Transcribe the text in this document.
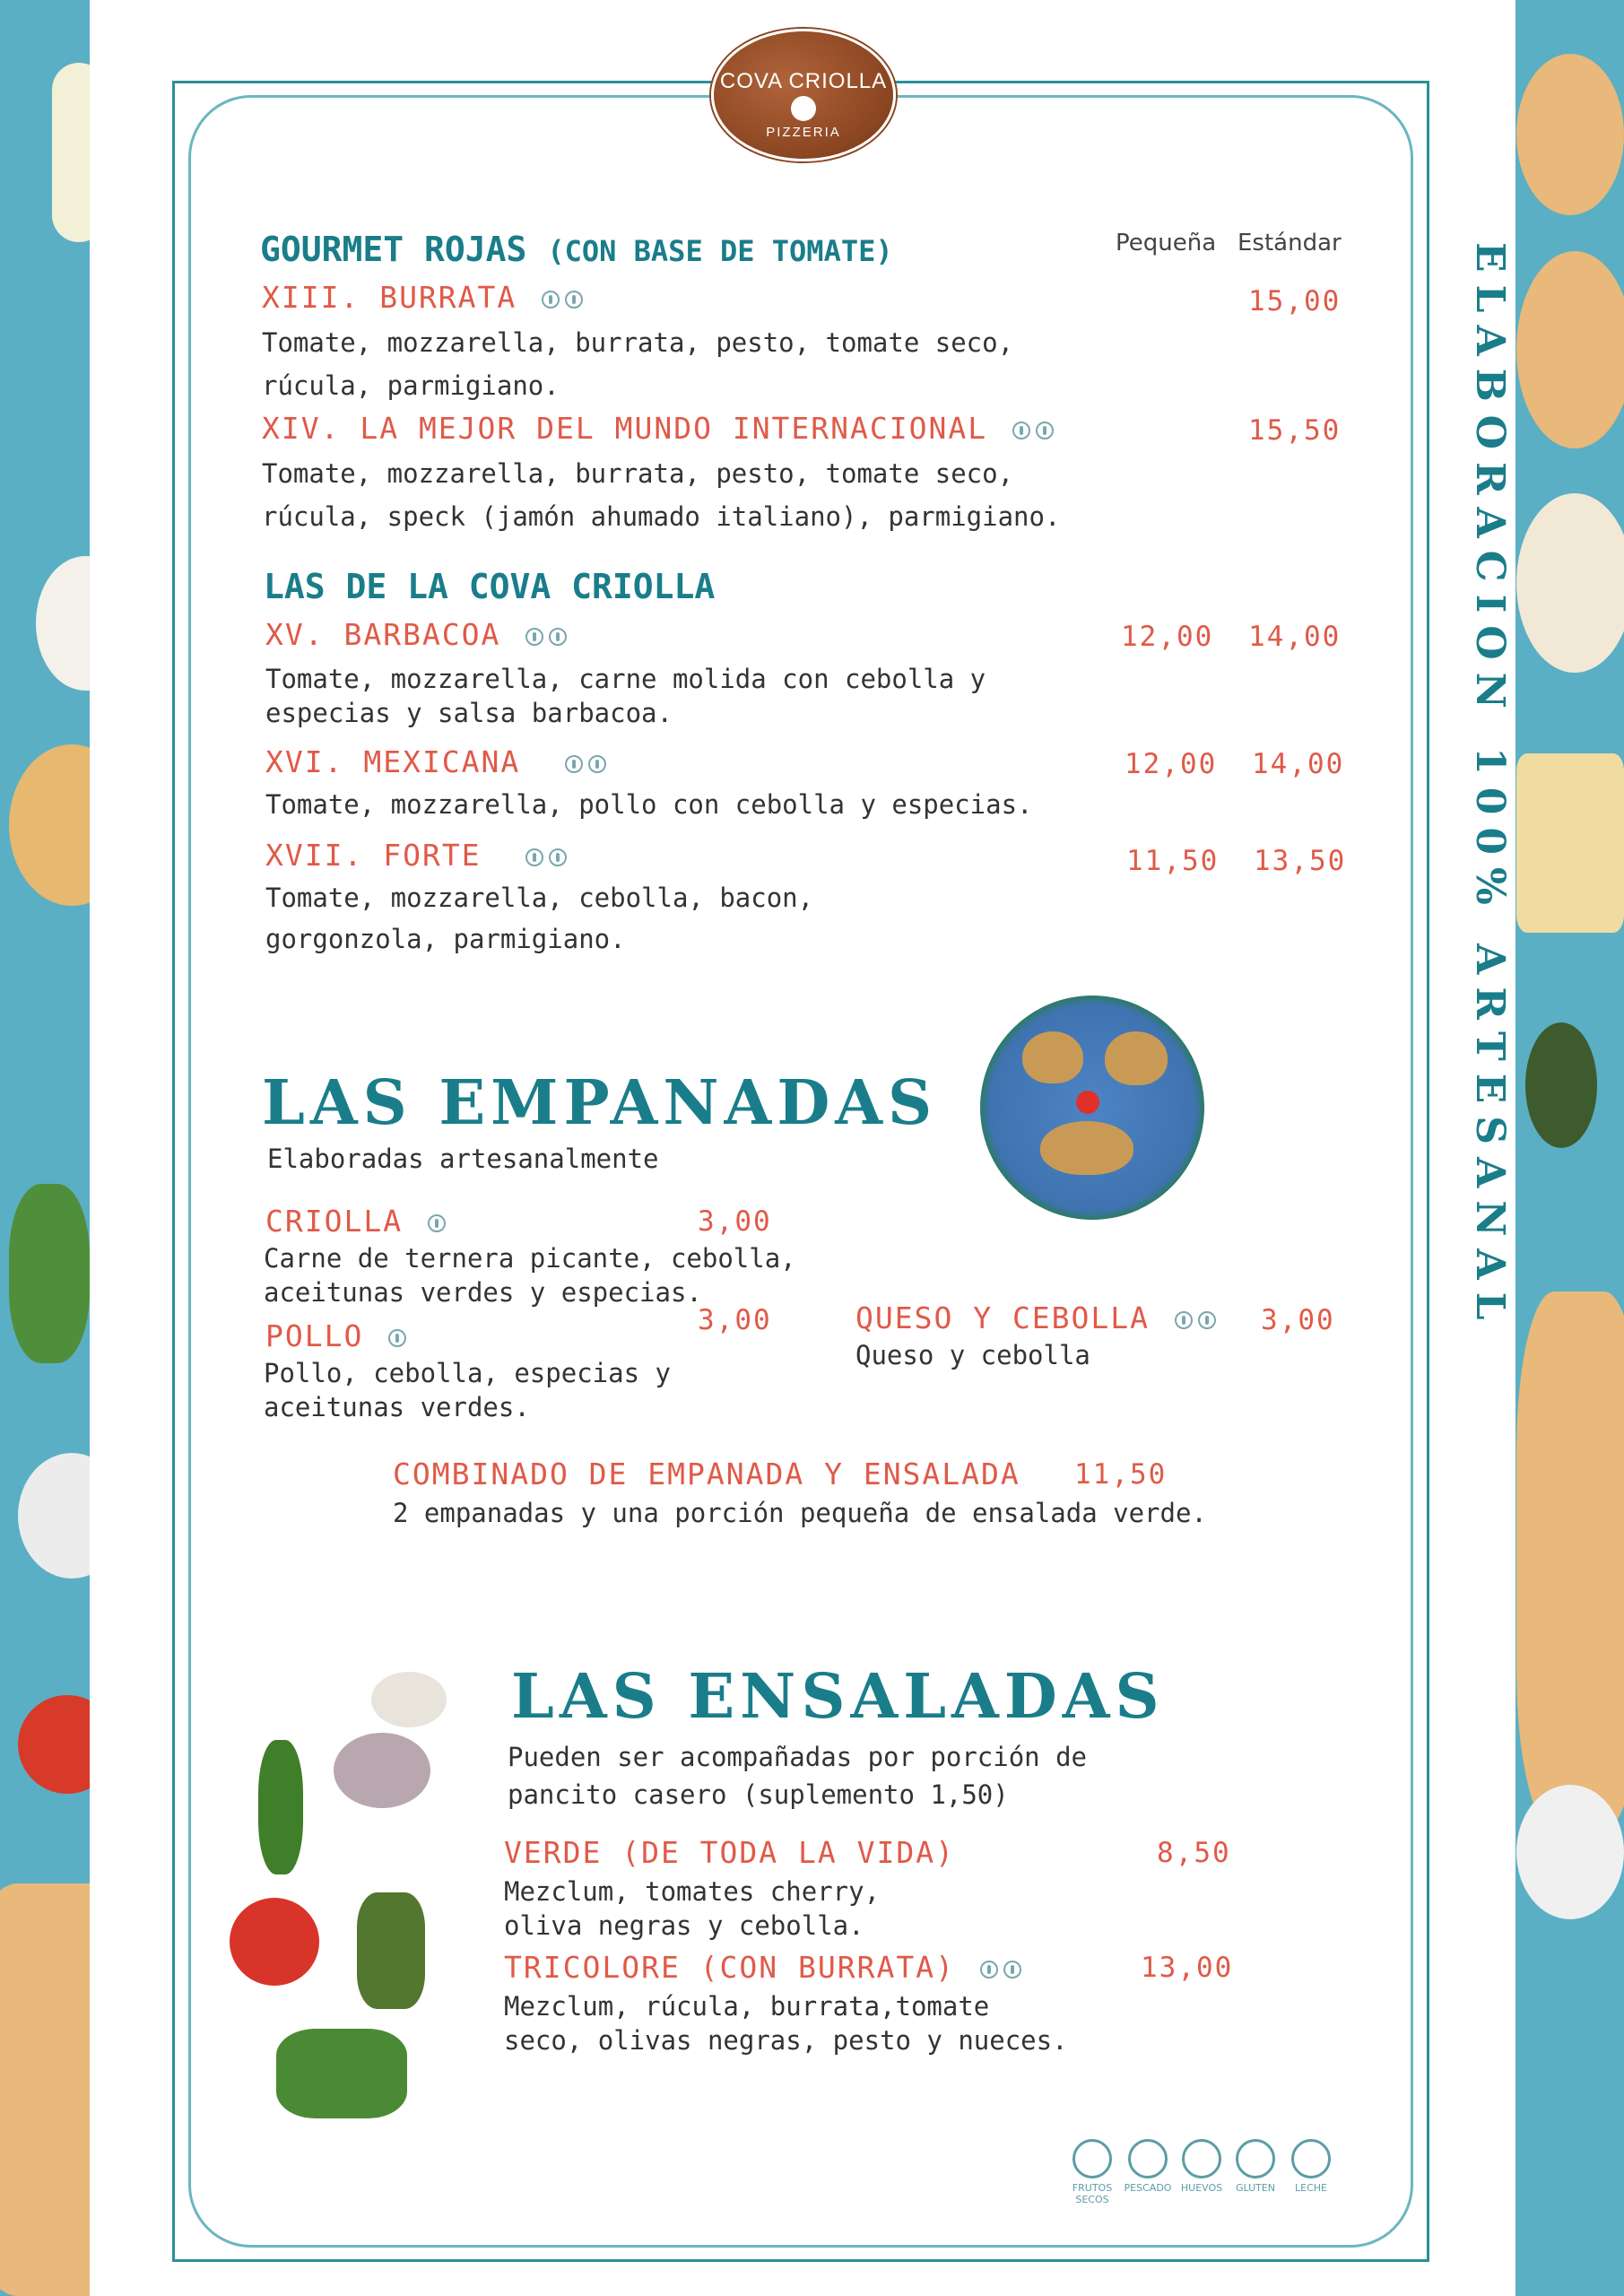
COVA CRIOLLA
PIZZERIA
ELABORACION 100% ARTESANAL
GOURMET ROJAS (CON BASE DE TOMATE)	Pequeña Estándar
XIII. BURRATA	15,00
Tomate, mozzarella, burrata, pesto, tomate seco, rúcula, parmigiano.
XIV. LA MEJOR DEL MUNDO INTERNACIONAL	15,50
Tomate, mozzarella, burrata, pesto, tomate seco, rúcula, speck (jamón ahumado italiano), parmigiano.
LAS DE LA COVA CRIOLLA
XV. BARBACOA	12,00 14,00
Tomate, mozzarella, carne molida con cebolla y especias y salsa barbacoa.
XVI. MEXICANA	12,00 14,00
Tomate, mozzarella, pollo con cebolla y especias.
XVII. FORTE	11,50 13,50
Tomate, mozzarella, cebolla, bacon, gorgonzola, parmigiano.
LAS EMPANADAS
Elaboradas artesanalmente
CRIOLLA	3,00
Carne de ternera picante, cebolla, aceitunas verdes y especias.
POLLO	3,00
Pollo, cebolla, especias y aceitunas verdes.
QUESO Y CEBOLLA	3,00
Queso y cebolla
COMBINADO DE EMPANADA Y ENSALADA 11,50
2 empanadas y una porción pequeña de ensalada verde.
LAS ENSALADAS
Pueden ser acompañadas por porción de pancito casero (suplemento 1,50)
VERDE (DE TODA LA VIDA)	8,50
Mezclum, tomates cherry, oliva negras y cebolla.
TRICOLORE (CON BURRATA)	13,00
Mezclum, rúcula, burrata,tomate seco, olivas negras, pesto y nueces.
FRUTOS SECOS
PESCADO HUEVOS	GLUTEN	LECHE
